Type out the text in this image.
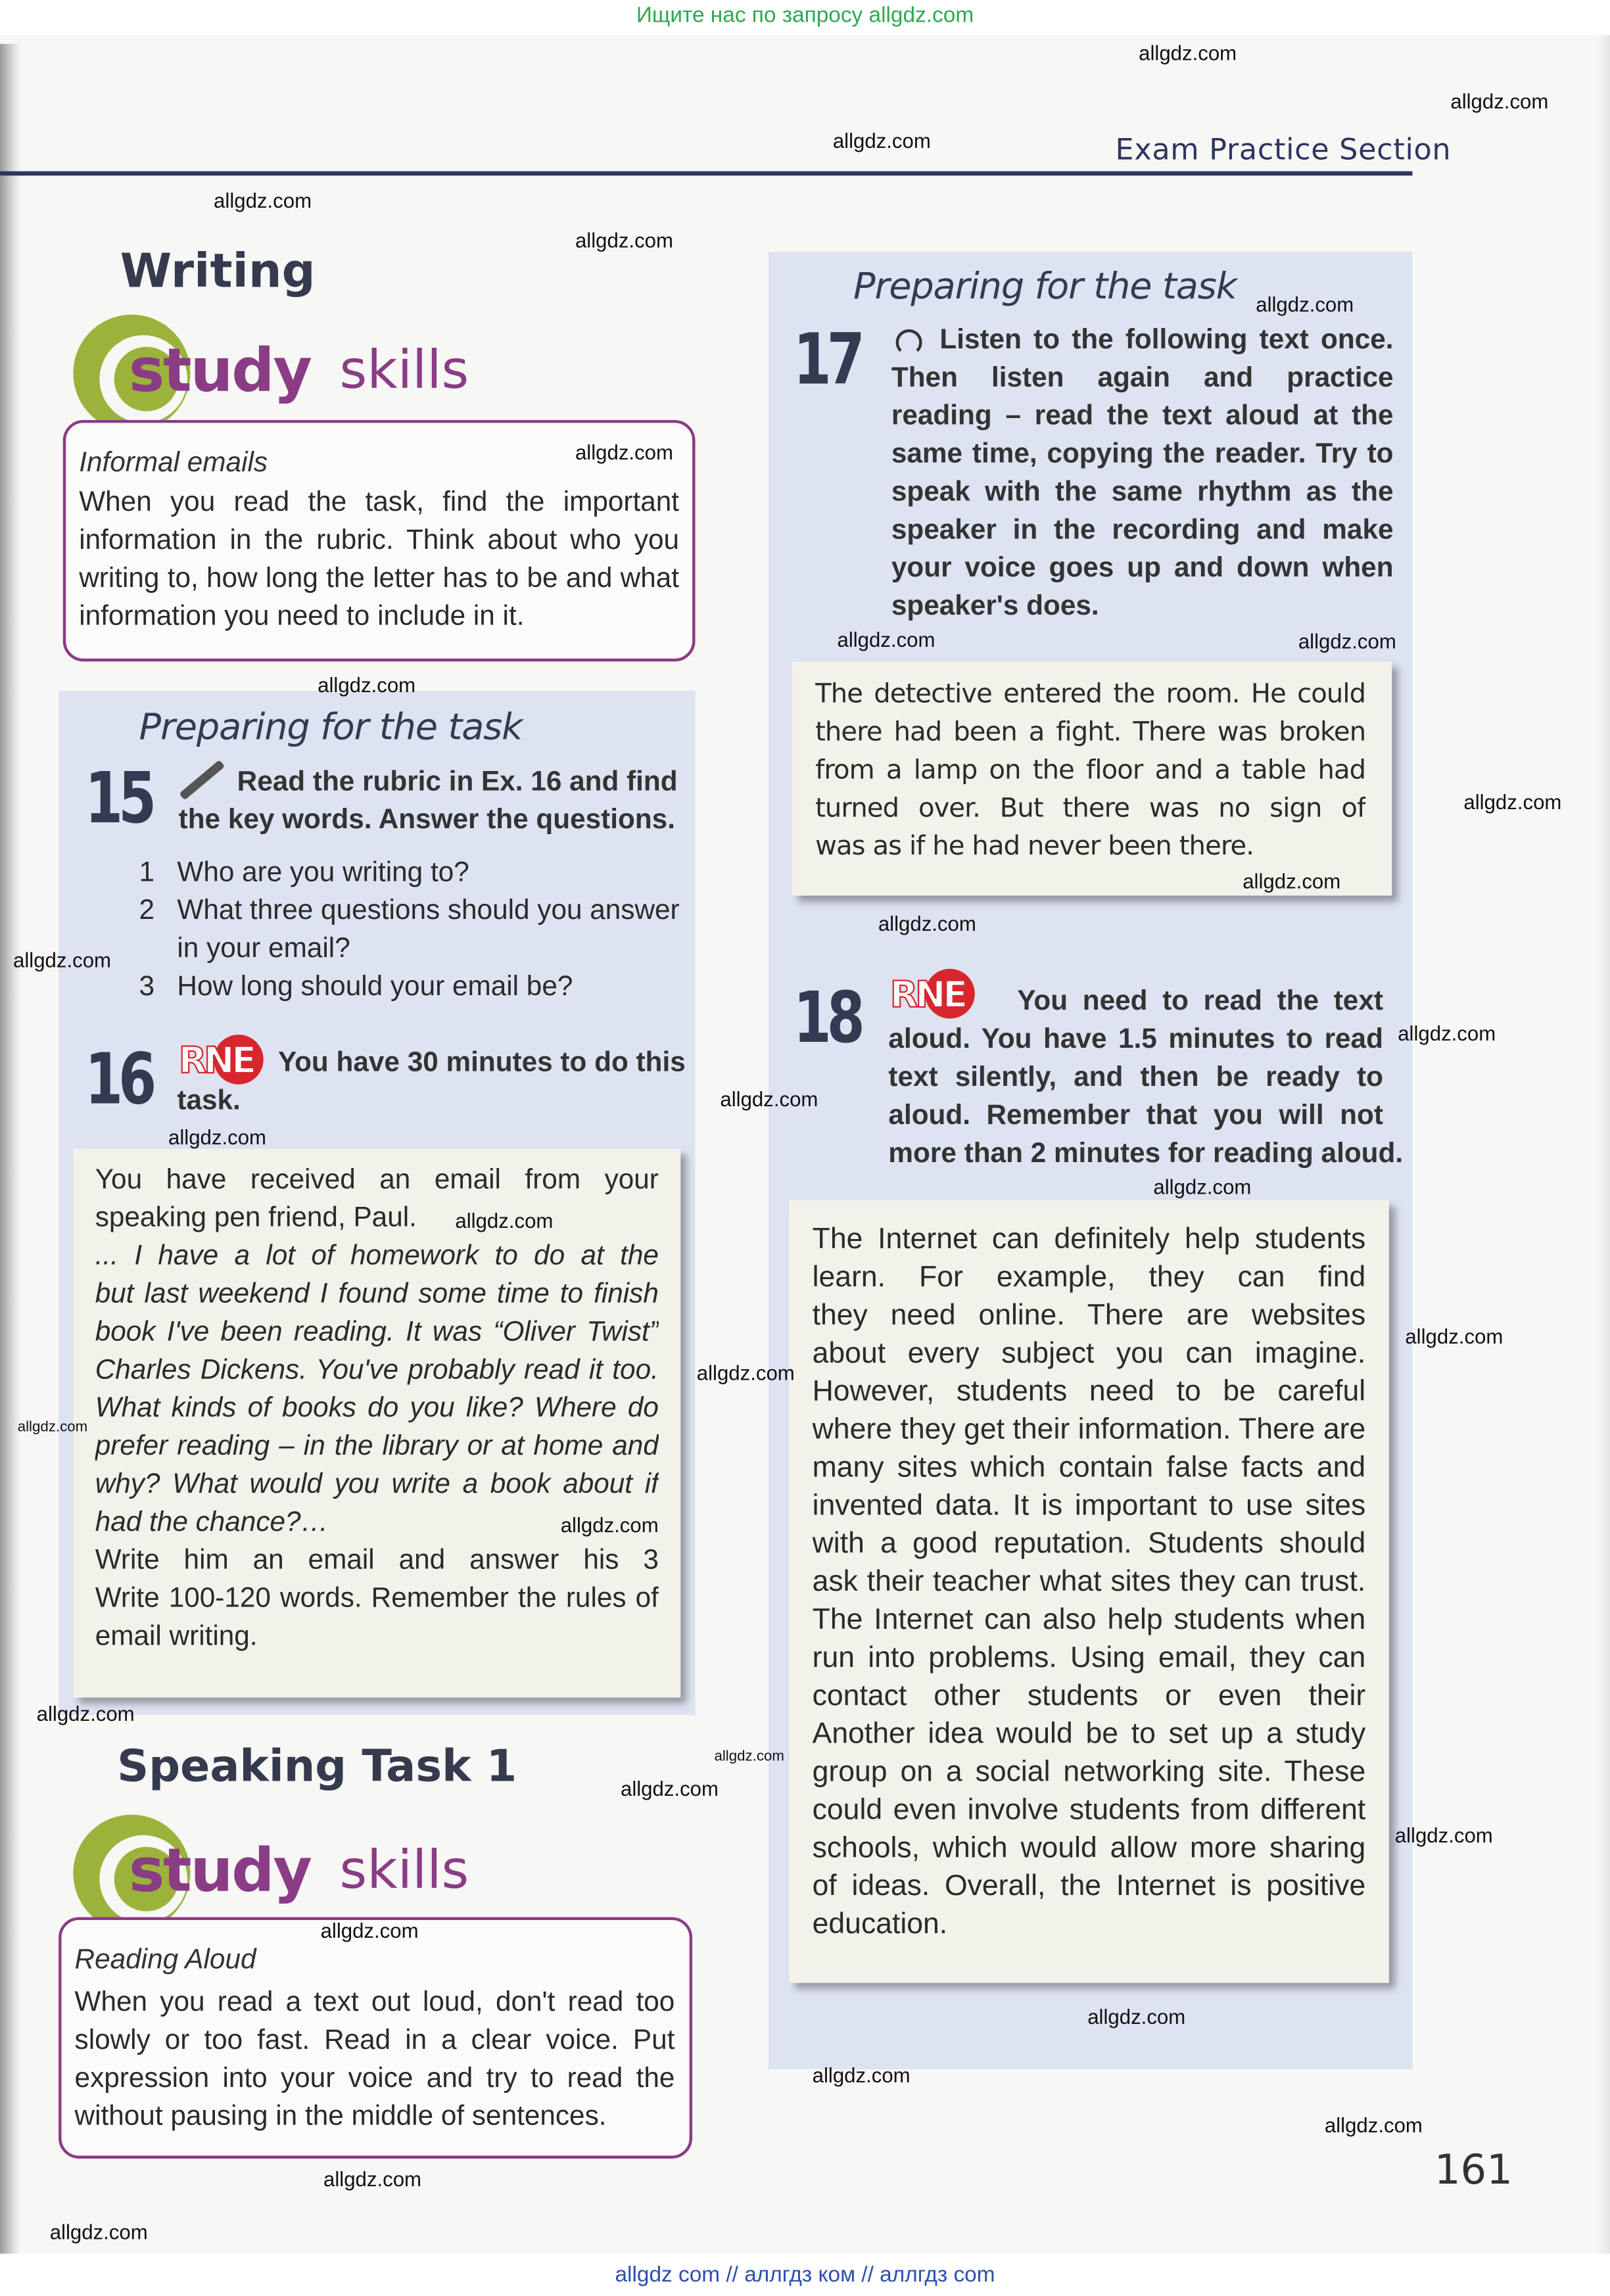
Ищите нас по запросу allgdz.com
Exam Practice Section
Writing
study skills
Informal emails
When you read the task, find the important
information in the rubric. Think about who you
writing to, how long the letter has to be and what
information you need to include in it.
Preparing for the task
15	Read the rubric in Ex. 16 and find
the key words. Answer the questions.
1 Who are you writing to?
2 What three questions should you answer
in your email?
3 How long should your email be?
16 RNE You have 30 minutes to do this
task.
You have received an email from your
speaking pen friend, Paul.
... I have a lot of homework to do at the
but last weekend I found some time to finish
book I've been reading. It was “Oliver Twist”
Charles Dickens. You've probably read it too.
What kinds of books do you like? Where do
prefer reading – in the library or at home and
why? What would you write a book about if
had the chance?…
Write him an email and answer his 3
Write 100-120 words. Remember the rules of
email writing.
Speaking Task 1
study skills
Reading Aloud
When you read a text out loud, don't read too
slowly or too fast. Read in a clear voice. Put
expression into your voice and try to read the
without pausing in the middle of sentences.
Preparing for the task
17	Listen to the following text once.
Then listen again and practice
reading – read the text aloud at the
same time, copying the reader. Try to
speak with the same rhythm as the
speaker in the recording and make
your voice goes up and down when
speaker's does.
The detective entered the room. He could
there had been a fight. There was broken
from a lamp on the floor and a table had
turned over. But there was no sign of
was as if he had never been there.
18 RNE	You need to read the text
aloud. You have 1.5 minutes to read
text silently, and then be ready to
aloud. Remember that you will not
more than 2 minutes for reading aloud.
The Internet can definitely help students
learn. For example, they can find
they need online. There are websites
about every subject you can imagine.
However, students need to be careful
where they get their information. There are
many sites which contain false facts and
invented data. It is important to use sites
with a good reputation. Students should
ask their teacher what sites they can trust.
The Internet can also help students when
run into problems. Using email, they can
contact other students or even their
Another idea would be to set up a study
group on a social networking site. These
could even involve students from different
schools, which would allow more sharing
of ideas. Overall, the Internet is positive
education.
161
allgdz.com
allgdz.com
allgdz.com
allgdz.com
allgdz.com
allgdz.com
allgdz.com
allgdz.com
allgdz.com
allgdz.com
allgdz.com
allgdz.com
allgdz.com
allgdz.com
allgdz.com
allgdz.com
allgdz.com
allgdz.com
allgdz.com
allgdz.com
allgdz.com
allgdz.com
allgdz.com
allgdz.com
allgdz.com
allgdz.com
allgdz.com
allgdz.com
allgdz.com
allgdz.com
allgdz.com
allgdz.com
allgdz.com
allgdz com // аллгдз ком // аллгдз com
